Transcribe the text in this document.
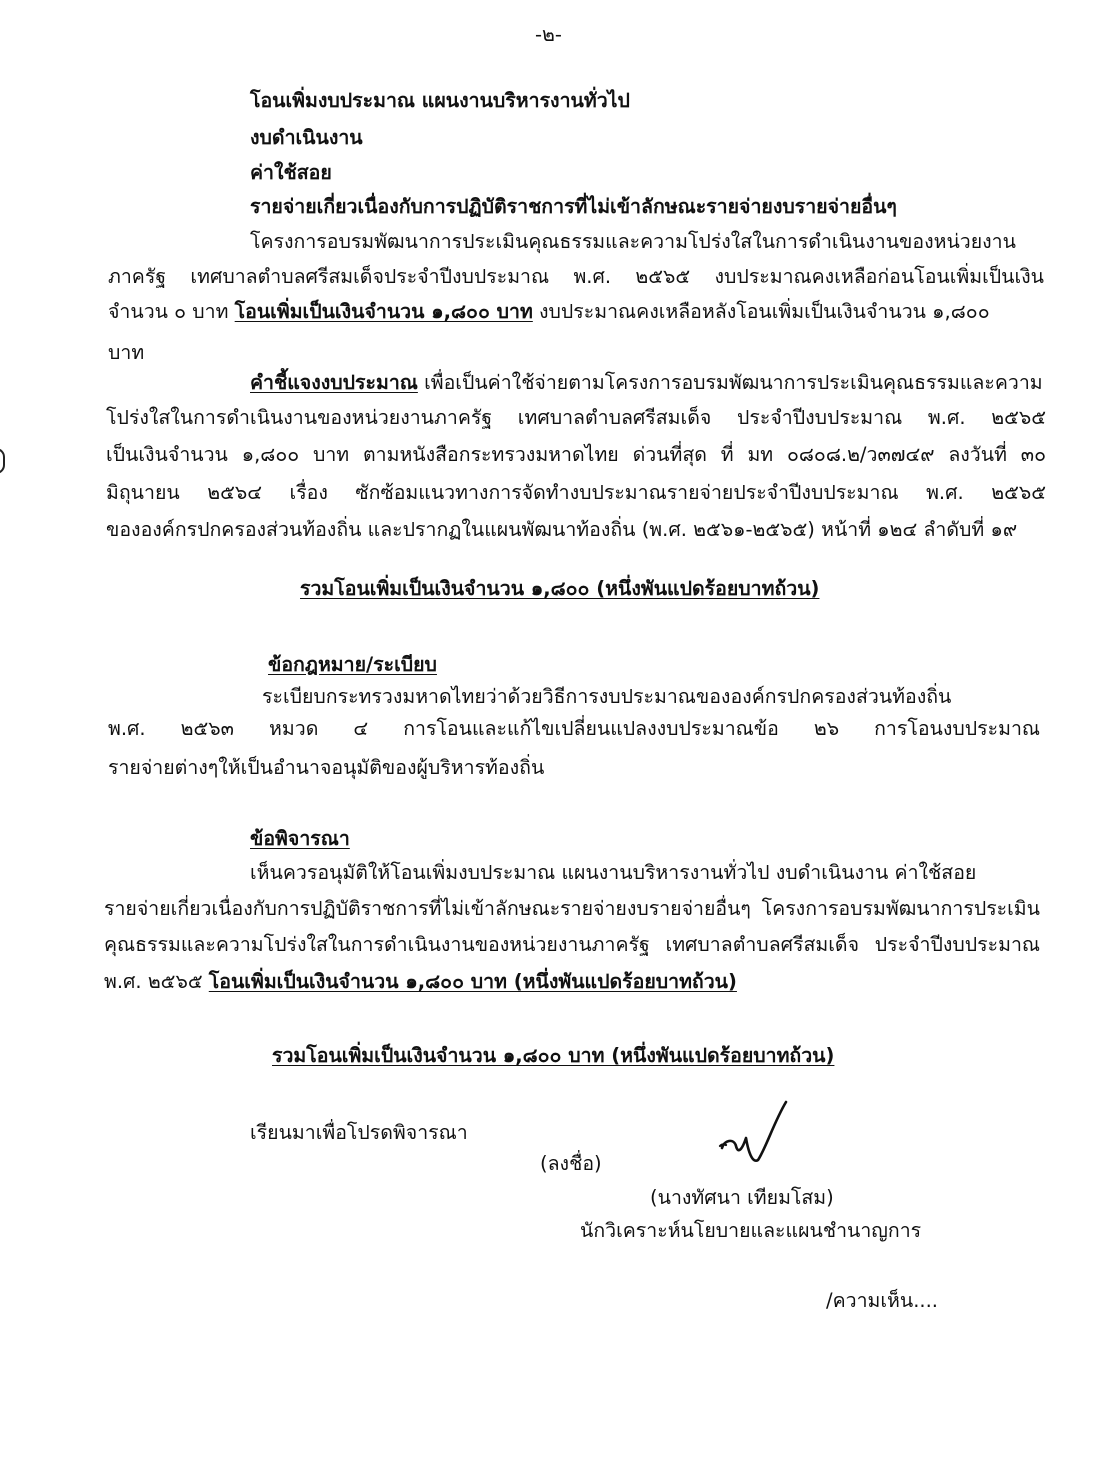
-๒-
โอนเพิ่มงบประมาณ แผนงานบริหารงานทั่วไป
งบดำเนินงาน
ค่าใช้สอย
รายจ่ายเกี่ยวเนื่องกับการปฏิบัติราชการที่ไม่เข้าลักษณะรายจ่ายงบรายจ่ายอื่นๆ
โครงการอบรมพัฒนาการประเมินคุณธรรมและความโปร่งใสในการดำเนินงานของหน่วยงาน
ภาครัฐ เทศบาลตำบลศรีสมเด็จประจำปีงบประมาณ พ.ศ. ๒๕๖๕ งบประมาณคงเหลือก่อนโอนเพิ่มเป็นเงิน
จำนวน ๐ บาท โอนเพิ่มเป็นเงินจำนวน ๑,๘๐๐ บาท งบประมาณคงเหลือหลังโอนเพิ่มเป็นเงินจำนวน ๑,๘๐๐
บาท
คำชี้แจงงบประมาณ เพื่อเป็นค่าใช้จ่ายตามโครงการอบรมพัฒนาการประเมินคุณธรรมและความ
โปร่งใสในการดำเนินงานของหน่วยงานภาครัฐ เทศบาลตำบลศรีสมเด็จ ประจำปีงบประมาณ พ.ศ. ๒๕๖๕
เป็นเงินจำนวน ๑,๘๐๐ บาท ตามหนังสือกระทรวงมหาดไทย ด่วนที่สุด ที่ มท ๐๘๐๘.๒/ว๓๗๔๙ ลงวันที่ ๓๐
มิถุนายน ๒๕๖๔ เรื่อง ซักซ้อมแนวทางการจัดทำงบประมาณรายจ่ายประจำปีงบประมาณ พ.ศ. ๒๕๖๕
ขององค์กรปกครองส่วนท้องถิ่น และปรากฏในแผนพัฒนาท้องถิ่น (พ.ศ. ๒๕๖๑-๒๕๖๕) หน้าที่ ๑๒๔ ลำดับที่ ๑๙
รวมโอนเพิ่มเป็นเงินจำนวน ๑,๘๐๐ (หนึ่งพันแปดร้อยบาทถ้วน)
ข้อกฎหมาย/ระเบียบ
ระเบียบกระทรวงมหาดไทยว่าด้วยวิธีการงบประมาณขององค์กรปกครองส่วนท้องถิ่น
พ.ศ. ๒๕๖๓ หมวด ๔ การโอนและแก้ไขเปลี่ยนแปลงงบประมาณข้อ ๒๖ การโอนงบประมาณ
รายจ่ายต่างๆให้เป็นอำนาจอนุมัติของผู้บริหารท้องถิ่น
ข้อพิจารณา
เห็นควรอนุมัติให้โอนเพิ่มงบประมาณ แผนงานบริหารงานทั่วไป งบดำเนินงาน ค่าใช้สอย
รายจ่ายเกี่ยวเนื่องกับการปฏิบัติราชการที่ไม่เข้าลักษณะรายจ่ายงบรายจ่ายอื่นๆ โครงการอบรมพัฒนาการประเมิน
คุณธรรมและความโปร่งใสในการดำเนินงานของหน่วยงานภาครัฐ เทศบาลตำบลศรีสมเด็จ ประจำปีงบประมาณ
พ.ศ. ๒๕๖๕ โอนเพิ่มเป็นเงินจำนวน ๑,๘๐๐ บาท (หนึ่งพันแปดร้อยบาทถ้วน)
รวมโอนเพิ่มเป็นเงินจำนวน ๑,๘๐๐ บาท (หนึ่งพันแปดร้อยบาทถ้วน)
เรียนมาเพื่อโปรดพิจารณา
(ลงชื่อ)
(นางทัศนา เทียมโสม)
นักวิเคราะห์นโยบายและแผนชำนาญการ
/ความเห็น....
